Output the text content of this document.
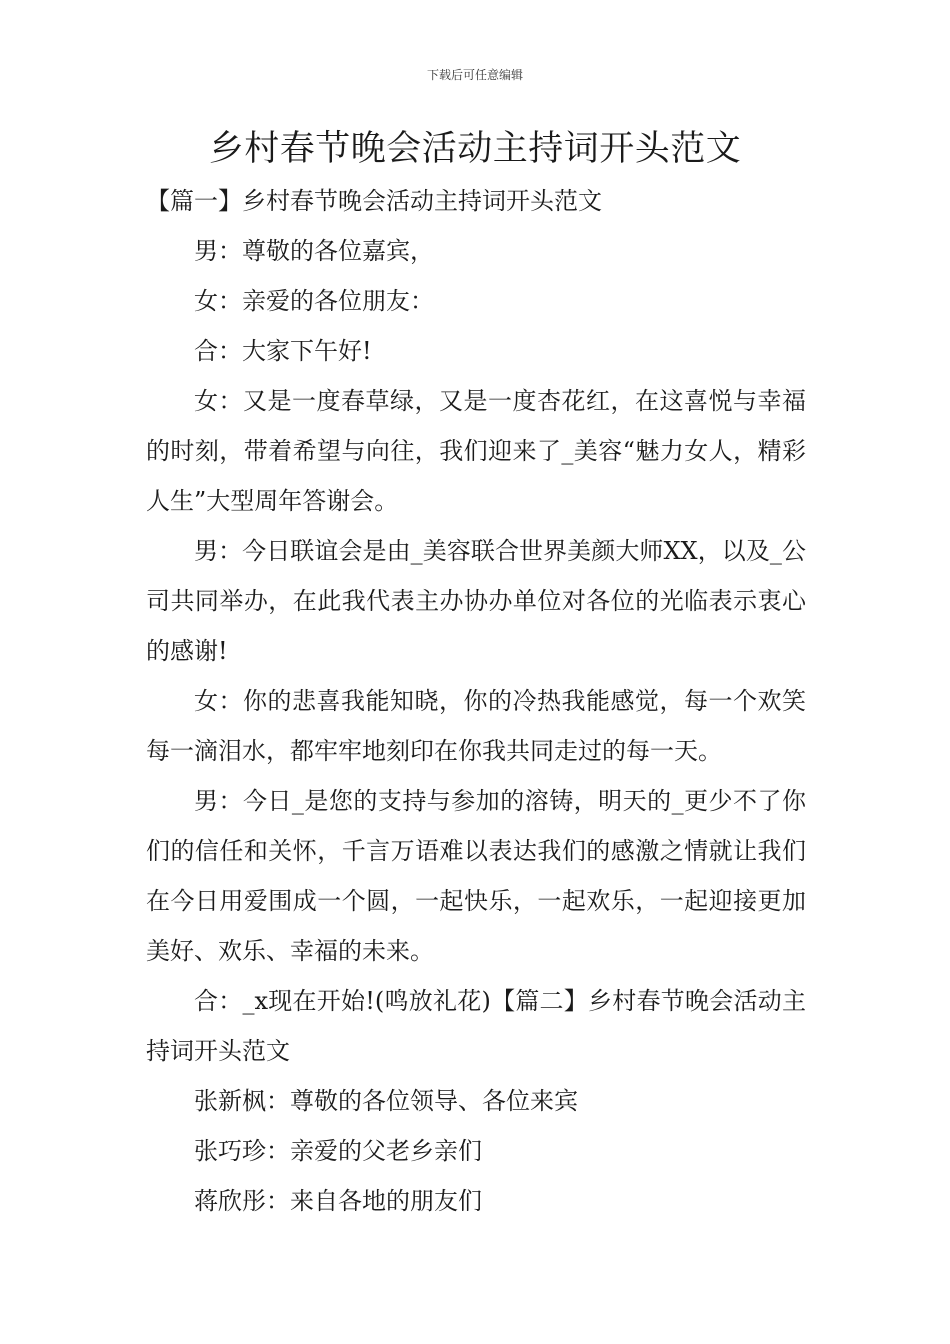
下载后可任意编辑
乡村春节晚会活动主持词开头范文

【篇一】乡村春节晚会活动主持词开头范文

男：尊敬的各位嘉宾，

女：亲爱的各位朋友：

合：大家下午好!

女：又是一度春草绿，又是一度杏花红，在这喜悦与幸福的时刻，带着希望与向往，我们迎来了_美容“魅力女人，精彩人生”大型周年答谢会。

男：今日联谊会是由_美容联合世界美颜大师XX，以及_公司共同举办，在此我代表主办协办单位对各位的光临表示衷心的感谢!

女：你的悲喜我能知晓，你的冷热我能感觉，每一个欢笑每一滴泪水，都牢牢地刻印在你我共同走过的每一天。

男：今日_是您的支持与参加的溶铸，明天的_更少不了你们的信任和关怀，千言万语难以表达我们的感激之情就让我们在今日用爱围成一个圆，一起快乐，一起欢乐，一起迎接更加美好、欢乐、幸福的未来。

合：_x现在开始!(鸣放礼花)【篇二】乡村春节晚会活动主持词开头范文

张新枫：尊敬的各位领导、各位来宾

张巧珍：亲爱的父老乡亲们

蒋欣彤：来自各地的朋友们
